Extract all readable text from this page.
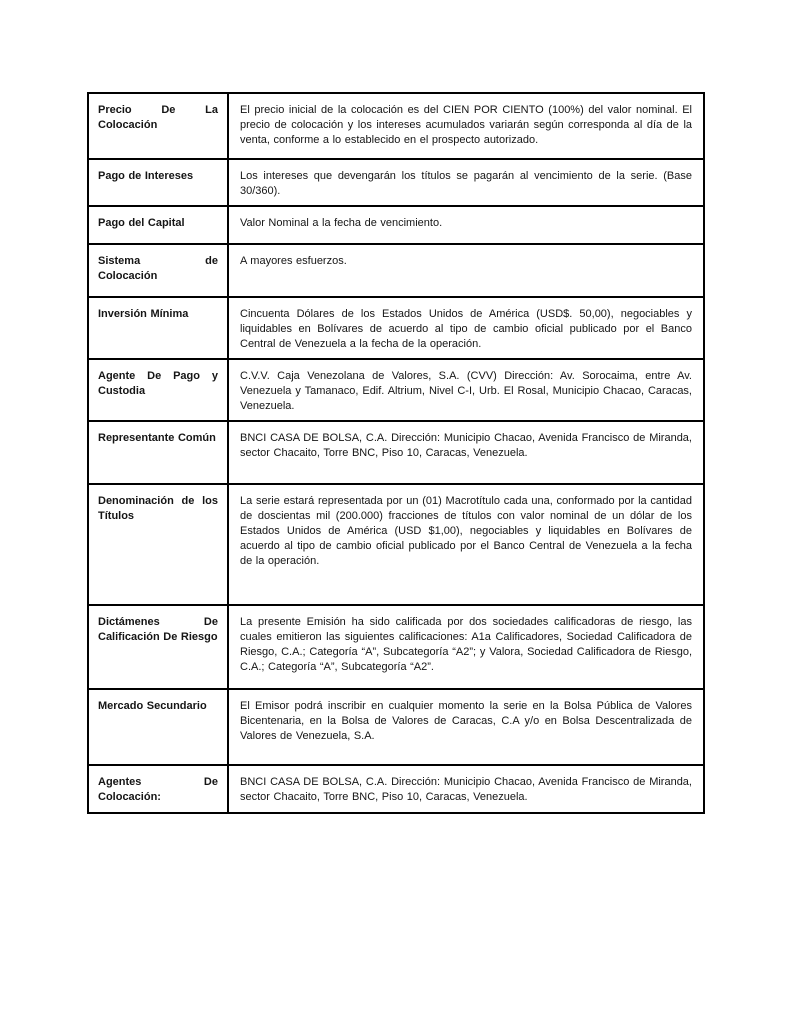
Precio De La Colocación	El precio inicial de la colocación es del CIEN POR CIENTO (100%) del valor nominal. El precio de colocación y los intereses acumulados variarán según corresponda al día de la venta, conforme a lo establecido en el prospecto autorizado.
Pago de Intereses	Los intereses que devengarán los títulos se pagarán al vencimiento de la serie. (Base 30/360).
Pago del Capital	Valor Nominal a la fecha de vencimiento.
Sistema de Colocación	A mayores esfuerzos.
Inversión Mínima	Cincuenta Dólares de los Estados Unidos de América (USD$. 50,00), negociables y liquidables en Bolívares de acuerdo al tipo de cambio oficial publicado por el Banco Central de Venezuela a la fecha de la operación.
Agente De Pago y Custodia	C.V.V. Caja Venezolana de Valores, S.A. (CVV) Dirección: Av. Sorocaima, entre Av. Venezuela y Tamanaco, Edif. Altrium, Nivel C-I, Urb. El Rosal, Municipio Chacao, Caracas, Venezuela.
Representante Común	BNCI CASA DE BOLSA, C.A. Dirección: Municipio Chacao, Avenida Francisco de Miranda, sector Chacaito, Torre BNC, Piso 10, Caracas, Venezuela.
Denominación de los Títulos	La serie estará representada por un (01) Macrotítulo cada una, conformado por la cantidad de doscientas mil (200.000) fracciones de títulos con valor nominal de un dólar de los Estados Unidos de América (USD $1,00), negociables y liquidables en Bolívares de acuerdo al tipo de cambio oficial publicado por el Banco Central de Venezuela a la fecha de la operación.
Dictámenes De Calificación De Riesgo	La presente Emisión ha sido calificada por dos sociedades calificadoras de riesgo, las cuales emitieron las siguientes calificaciones: A1a Calificadores, Sociedad Calificadora de Riesgo, C.A.; Categoría “A”, Subcategoría “A2”; y Valora, Sociedad Calificadora de Riesgo, C.A.; Categoría “A”, Subcategoría “A2”.
Mercado Secundario	El Emisor podrá inscribir en cualquier momento la serie en la Bolsa Pública de Valores Bicentenaria, en la Bolsa de Valores de Caracas, C.A y/o en Bolsa Descentralizada de Valores de Venezuela, S.A.
Agentes De Colocación:	BNCI CASA DE BOLSA, C.A. Dirección: Municipio Chacao, Avenida Francisco de Miranda, sector Chacaito, Torre BNC, Piso 10, Caracas, Venezuela.
